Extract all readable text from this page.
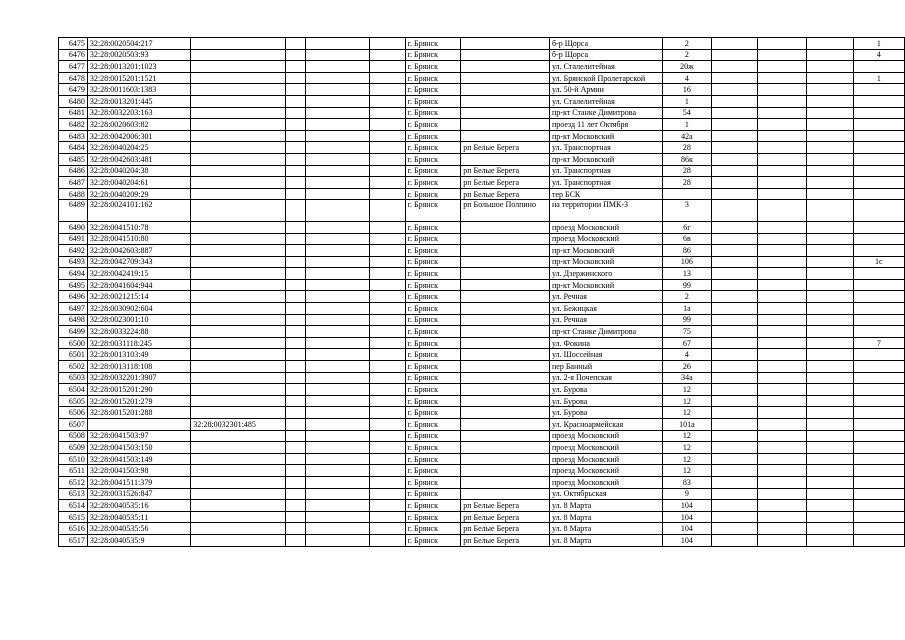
6475	32:28:0020504:217					г. Брянск		б-р Щорса	2				1
6476	32:28:0020503:93					г. Брянск		б-р Щорса	2				4
6477	32:28:0013201:1023					г. Брянск		ул. Сталелитейная	20ж				
6478	32:28:0015201:1521					г. Брянск		ул. Брянской Пролетарской	4				1
6479	32:28:0011603:1383					г. Брянск		ул. 50-й Армии	16				
6480	32:28:0013201:445					г. Брянск		ул. Сталелитейная	1				
6481	32:28:0032203:163					г. Брянск		пр-кт Станке Димитрова	54				
6482	32:28:0020603:82					г. Брянск		проезд 11 лет Октября	1				
6483	32:28:0042006:301					г. Брянск		пр-кт Московский	42а				
6484	32:28:0040204:25					г. Брянск	рп Белые Берега	ул. Транспортная	28				
6485	32:28:0042603:481					г. Брянск		пр-кт Московский	86к				
6486	32:28:0040204:38					г. Брянск	рп Белые Берега	ул. Транспортная	28				
6487	32:28:0040204:61					г. Брянск	рп Белые Берега	ул. Транспортная	28				
6488	32:28:0040209:29					г. Брянск	рп Белые Берега	тер БСК					
6489	32:28:0024101:162					г. Брянск	рп Большое Полпино	на территории ПМК-3	3				
6490	32:28:0041510:78					г. Брянск		проезд Московский	6г				
6491	32:28:0041510:80					г. Брянск		проезд Московский	6в				
6492	32:28:0042603:887					г. Брянск		пр-кт Московский	86				
6493	32:28:0042709:343					г. Брянск		пр-кт Московский	106				1с
6494	32:28:0042419:15					г. Брянск		ул. Дзержинского	13				
6495	32:28:0041604:944					г. Брянск		пр-кт Московский	99				
6496	32:28:0021215:14					г. Брянск		ул. Речная	2				
6497	32:28:0030902:604					г. Брянск		ул. Бежицкая	1а				
6498	32:28:0023001:10					г. Брянск		ул. Речная	99				
6499	32:28:0033224:88					г. Брянск		пр-кт Станке Димитрова	75				
6500	32:28:0031118:245					г. Брянск		ул. Фокина	67				7
6501	32:28:0013103:49					г. Брянск		ул. Шоссейная	4				
6502	32:28:0013118:108					г. Брянск		пер Банный	26				
6503	32:28:0032201:3907					г. Брянск		ул. 2-я Почепская	34а				
6504	32:28:0015201:290					г. Брянск		ул. Бурова	12				
6505	32:28:0015201:279					г. Брянск		ул. Бурова	12				
6506	32:28:0015201:288					г. Брянск		ул. Бурова	12				
6507		32:28:0032301:485				г. Брянск		ул. Красноармейская	101а				
6508	32:28:0041503:97					г. Брянск		проезд Московский	12				
6509	32:28:0041503:150					г. Брянск		проезд Московский	12				
6510	32:28:0041503:149					г. Брянск		проезд Московский	12				
6511	32:28:0041503:98					г. Брянск		проезд Московский	12				
6512	32:28:0041511:379					г. Брянск		проезд Московский	83				
6513	32:28:0031526:847					г. Брянск		ул. Октябрьская	9				
6514	32:28:0040535:16					г. Брянск	рп Белые Берега	ул. 8 Марта	104				
6515	32:28:0040535:11					г. Брянск	рп Белые Берега	ул. 8 Марта	104				
6516	32:28:0040535:56					г. Брянск	рп Белые Берега	ул. 8 Марта	104				
6517	32:28:0040535:9					г. Брянск	рп Белые Берега	ул. 8 Марта	104				
